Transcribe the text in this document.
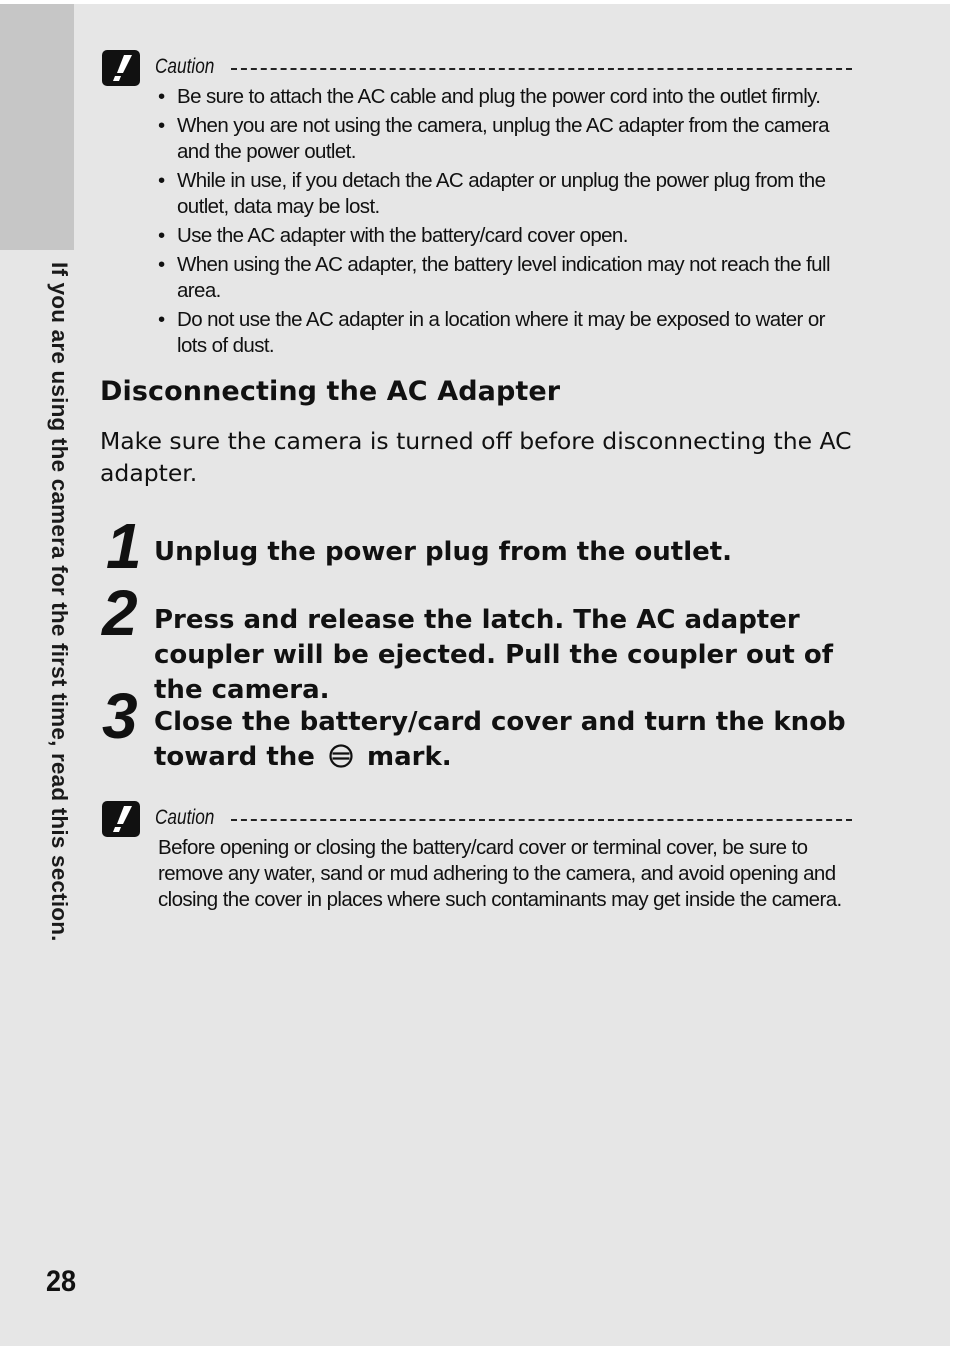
If you are using the camera for the first time, read this section.
Caution
• Be sure to attach the AC cable and plug the power cord into the outlet firmly.
• When you are not using the camera, unplug the AC adapter from the camera and the power outlet.
• While in use, if you detach the AC adapter or unplug the power plug from the outlet, data may be lost.
• Use the AC adapter with the battery/card cover open.
• When using the AC adapter, the battery level indication may not reach the full area.
• Do not use the AC adapter in a location where it may be exposed to water or lots of dust.
Disconnecting the AC Adapter

Make sure the camera is turned off before disconnecting the AC adapter.

1 Unplug the power plug from the outlet.

2 Press and release the latch. The AC adapter coupler will be ejected. Pull the coupler out of the camera.

3 Close the battery/card cover and turn the knob toward the mark.

Caution

Before opening or closing the battery/card cover or terminal cover, be sure to remove any water, sand or mud adhering to the camera, and avoid opening and closing the cover in places where such contaminants may get inside the camera.

28
